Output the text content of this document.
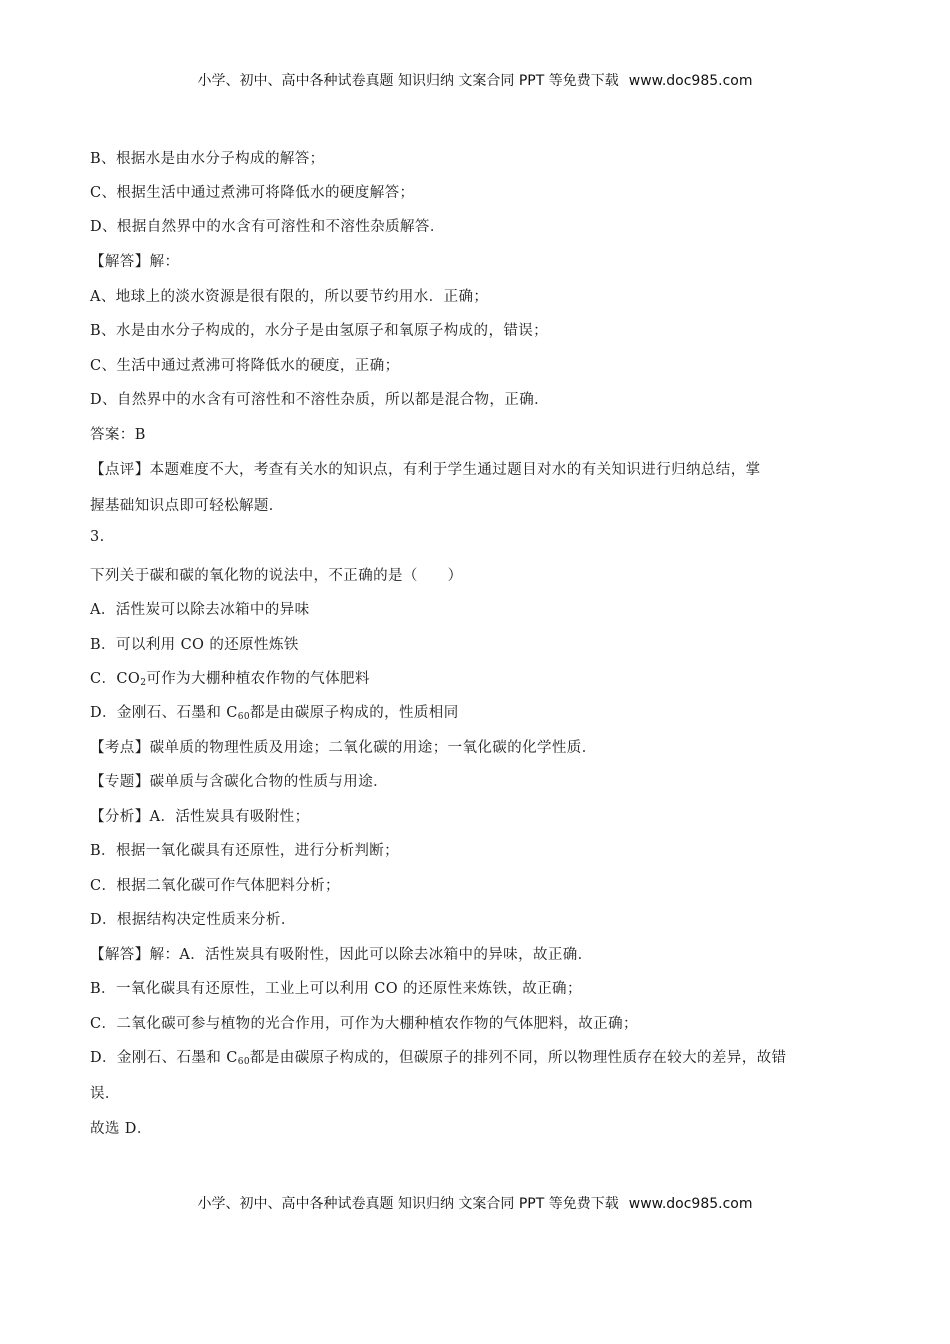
小学、初中、高中各种试卷真题 知识归纳 文案合同 PPT 等免费下载 www.doc985.com
B、根据水是由水分子构成的解答；
C、根据生活中通过煮沸可将降低水的硬度解答；
D、根据自然界中的水含有可溶性和不溶性杂质解答．
【解答】解：
A、地球上的淡水资源是很有限的，所以要节约用水．正确；
B、水是由水分子构成的，水分子是由氢原子和氧原子构成的，错误；
C、生活中通过煮沸可将降低水的硬度，正确；
D、自然界中的水含有可溶性和不溶性杂质，所以都是混合物，正确．
答案：B
【点评】本题难度不大，考查有关水的知识点，有利于学生通过题目对水的有关知识进行归纳总结，掌
握基础知识点即可轻松解题．
3.
下列关于碳和碳的氧化物的说法中，不正确的是（　　）
A．活性炭可以除去冰箱中的异味
B．可以利用 CO 的还原性炼铁
C．$CO_2$可作为大棚种植农作物的气体肥料
D．金刚石、石墨和 $C_{60}$都是由碳原子构成的，性质相同
【考点】碳单质的物理性质及用途；二氧化碳的用途；一氧化碳的化学性质．
【专题】碳单质与含碳化合物的性质与用途．
【分析】A．活性炭具有吸附性；
B．根据一氧化碳具有还原性，进行分析判断；
C．根据二氧化碳可作气体肥料分析；
D．根据结构决定性质来分析．
【解答】解：A．活性炭具有吸附性，因此可以除去冰箱中的异味，故正确．
B．一氧化碳具有还原性，工业上可以利用 CO 的还原性来炼铁，故正确；
C．二氧化碳可参与植物的光合作用，可作为大棚种植农作物的气体肥料，故正确；
D．金刚石、石墨和 $C_{60}$都是由碳原子构成的，但碳原子的排列不同，所以物理性质存在较大的差异，故错
误．
故选 D．
小学、初中、高中各种试卷真题 知识归纳 文案合同 PPT 等免费下载 www.doc985.com
